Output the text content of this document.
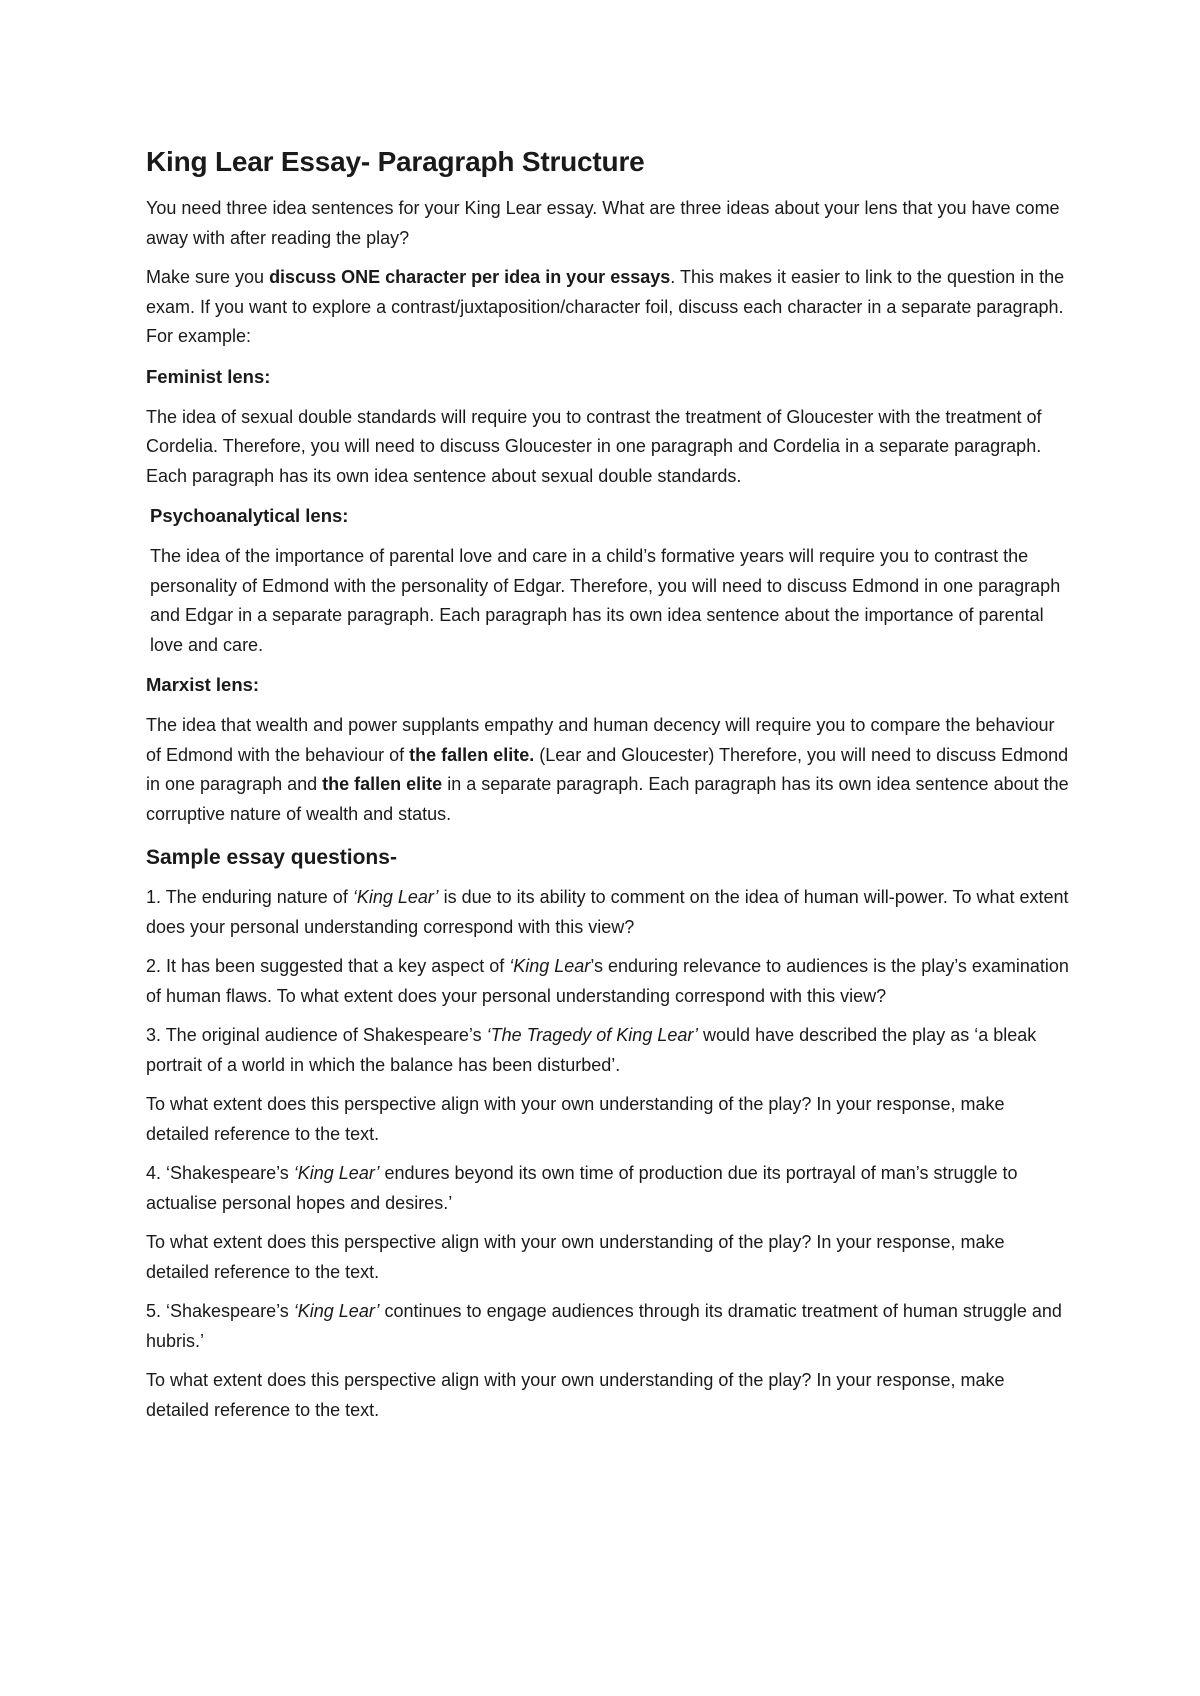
King Lear Essay- Paragraph Structure

You need three idea sentences for your King Lear essay. What are three ideas about your lens that you have come away with after reading the play?

Make sure you discuss ONE character per idea in your essays. This makes it easier to link to the question in the exam. If you want to explore a contrast/juxtaposition/character foil, discuss each character in a separate paragraph. For example:

Feminist lens:

The idea of sexual double standards will require you to contrast the treatment of Gloucester with the treatment of Cordelia. Therefore, you will need to discuss Gloucester in one paragraph and Cordelia in a separate paragraph. Each paragraph has its own idea sentence about sexual double standards.

Psychoanalytical lens:

The idea of the importance of parental love and care in a child’s formative years will require you to contrast the personality of Edmond with the personality of Edgar. Therefore, you will need to discuss Edmond in one paragraph and Edgar in a separate paragraph. Each paragraph has its own idea sentence about the importance of parental love and care.

Marxist lens:

The idea that wealth and power supplants empathy and human decency will require you to compare the behaviour of Edmond with the behaviour of the fallen elite. (Lear and Gloucester) Therefore, you will need to discuss Edmond in one paragraph and the fallen elite in a separate paragraph. Each paragraph has its own idea sentence about the corruptive nature of wealth and status.

Sample essay questions-

1. The enduring nature of ‘King Lear’ is due to its ability to comment on the idea of human will-power. To what extent does your personal understanding correspond with this view?

2. It has been suggested that a key aspect of ‘King Lear’s enduring relevance to audiences is the play’s examination of human flaws. To what extent does your personal understanding correspond with this view?

3. The original audience of Shakespeare’s ‘The Tragedy of King Lear’ would have described the play as ‘a bleak portrait of a world in which the balance has been disturbed’.

To what extent does this perspective align with your own understanding of the play? In your response, make detailed reference to the text.

4. ‘Shakespeare’s ‘King Lear’ endures beyond its own time of production due its portrayal of man’s struggle to actualise personal hopes and desires.’

To what extent does this perspective align with your own understanding of the play? In your response, make detailed reference to the text.

5. ‘Shakespeare’s ‘King Lear’ continues to engage audiences through its dramatic treatment of human struggle and hubris.’

To what extent does this perspective align with your own understanding of the play? In your response, make detailed reference to the text.
